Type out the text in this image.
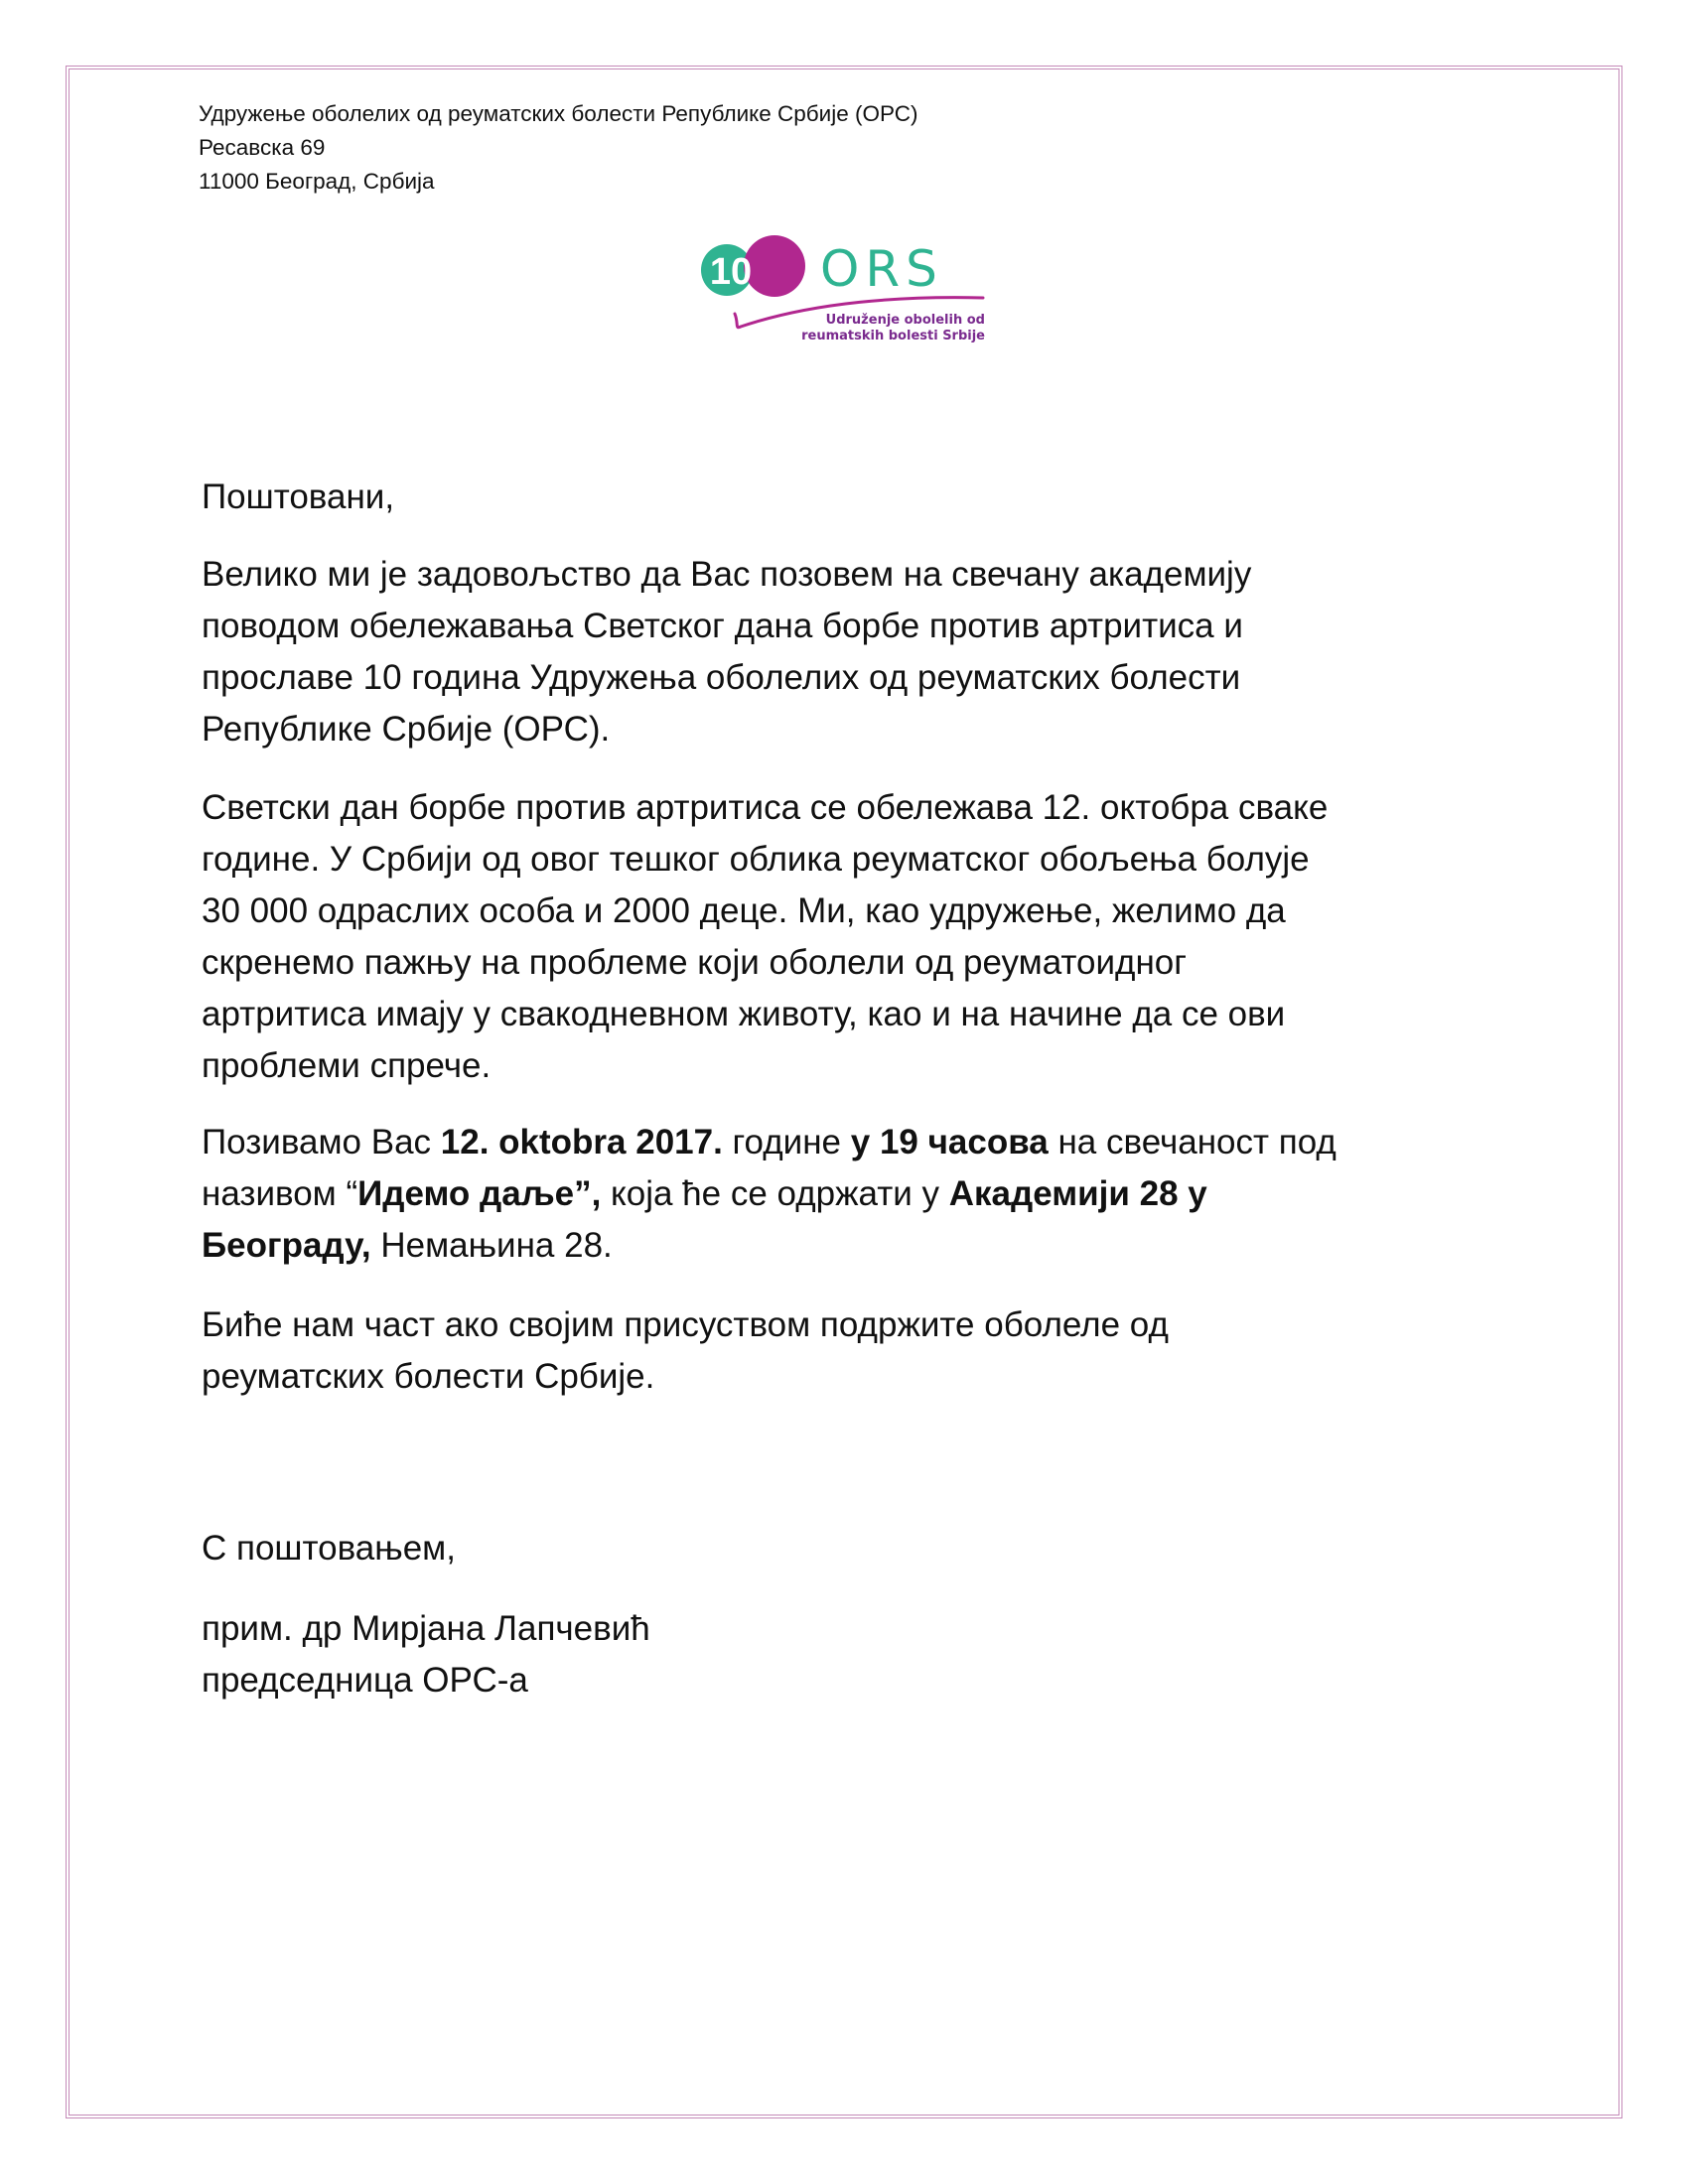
Удружење оболелих од реуматских болести Републике Србије (ОРС)
Ресавска 69
11000 Београд, Србија
10 ORS
Udruženje obolelih od
reumatskih bolesti Srbije

Поштовани,

Велико ми је задовољство да Вас позовем на свечану академију
поводом обележавања Светског дана борбе против артритиса и
прославе 10 година Удружења оболелих од реуматских болести
Републике Србије (ОРС).

Светски дан борбе против артритиса се обележава 12. октобра сваке
године. У Србији од овог тешког облика реуматског обољења болује
30 000 одраслих особа и 2000 деце. Ми, као удружење, желимо да
скренемо пажњу на проблеме који оболели од реуматоидног
артритиса имају у свакодневном животу, као и на начине да се ови
проблеми спрече.

Позивамо Вас 12. oktobra 2017. године у 19 часова на свечаност под
називом “Идемо даље”, која ће се одржати у Академији 28 у
Београду, Немањина 28.

Биће нам част ако својим присуством подржите оболеле од
реуматских болести Србије.

С поштовањем,

прим. др Мирјана Лапчевић
председница ОРС-а
